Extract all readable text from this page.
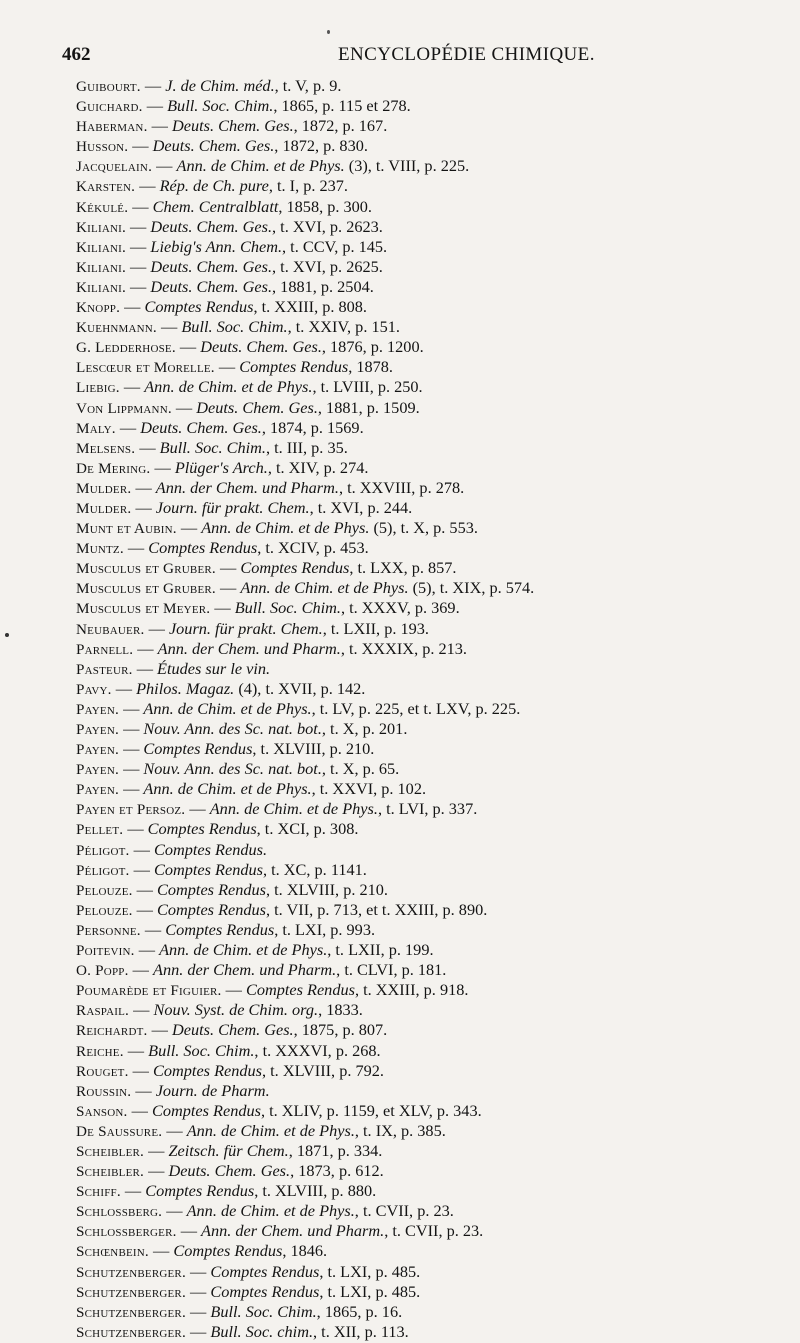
462	ENCYCLOPÉDIE CHIMIQUE.
Guibourt. — J. de Chim. méd., t. V, p. 9.
Guichard. — Bull. Soc. Chim., 1865, p. 115 et 278.
Haberman. — Deuts. Chem. Ges., 1872, p. 167.
Husson. — Deuts. Chem. Ges., 1872, p. 830.
Jacquelain. — Ann. de Chim. et de Phys. (3), t. VIII, p. 225.
Karsten. — Rép. de Ch. pure, t. I, p. 237.
Kékulé. — Chem. Centralblatt, 1858, p. 300.
Kiliani. — Deuts. Chem. Ges., t. XVI, p. 2623.
Kiliani. — Liebig's Ann. Chem., t. CCV, p. 145.
Kiliani. — Deuts. Chem. Ges., t. XVI, p. 2625.
Kiliani. — Deuts. Chem. Ges., 1881, p. 2504.
Knopp. — Comptes Rendus, t. XXIII, p. 808.
Kuehnmann. — Bull. Soc. Chim., t. XXIV, p. 151.
G. Ledderhose. — Deuts. Chem. Ges., 1876, p. 1200.
Lescœur et Morelle. — Comptes Rendus, 1878.
Liebig. — Ann. de Chim. et de Phys., t. LVIII, p. 250.
Von Lippmann. — Deuts. Chem. Ges., 1881, p. 1509.
Maly. — Deuts. Chem. Ges., 1874, p. 1569.
Melsens. — Bull. Soc. Chim., t. III, p. 35.
De Mering. — Plüger's Arch., t. XIV, p. 274.
Mulder. — Ann. der Chem. und Pharm., t. XXVIII, p. 278.
Mulder. — Journ. für prakt. Chem., t. XVI, p. 244.
Munt et Aubin. — Ann. de Chim. et de Phys. (5), t. X, p. 553.
Muntz. — Comptes Rendus, t. XCIV, p. 453.
Musculus et Gruber. — Comptes Rendus, t. LXX, p. 857.
Musculus et Gruber. — Ann. de Chim. et de Phys. (5), t. XIX, p. 574.
Musculus et Meyer. — Bull. Soc. Chim., t. XXXV, p. 369.
Neubauer. — Journ. für prakt. Chem., t. LXII, p. 193.
Parnell. — Ann. der Chem. und Pharm., t. XXXIX, p. 213.
Pasteur. — Études sur le vin.
Pavy. — Philos. Magaz. (4), t. XVII, p. 142.
Payen. — Ann. de Chim. et de Phys., t. LV, p. 225, et t. LXV, p. 225.
Payen. — Nouv. Ann. des Sc. nat. bot., t. X, p. 201.
Payen. — Comptes Rendus, t. XLVIII, p. 210.
Payen. — Nouv. Ann. des Sc. nat. bot., t. X, p. 65.
Payen. — Ann. de Chim. et de Phys., t. XXVI, p. 102.
Payen et Persoz. — Ann. de Chim. et de Phys., t. LVI, p. 337.
Pellet. — Comptes Rendus, t. XCI, p. 308.
Péligot. — Comptes Rendus.
Péligot. — Comptes Rendus, t. XC, p. 1141.
Pelouze. — Comptes Rendus, t. XLVIII, p. 210.
Pelouze. — Comptes Rendus, t. VII, p. 713, et t. XXIII, p. 890.
Personne. — Comptes Rendus, t. LXI, p. 993.
Poitevin. — Ann. de Chim. et de Phys., t. LXII, p. 199.
O. Popp. — Ann. der Chem. und Pharm., t. CLVI, p. 181.
Poumarède et Figuier. — Comptes Rendus, t. XXIII, p. 918.
Raspail. — Nouv. Syst. de Chim. org., 1833.
Reichardt. — Deuts. Chem. Ges., 1875, p. 807.
Reiche. — Bull. Soc. Chim., t. XXXVI, p. 268.
Rouget. — Comptes Rendus, t. XLVIII, p. 792.
Roussin. — Journ. de Pharm.
Sanson. — Comptes Rendus, t. XLIV, p. 1159, et XLV, p. 343.
De Saussure. — Ann. de Chim. et de Phys., t. IX, p. 385.
Scheibler. — Zeitsch. für Chem., 1871, p. 334.
Scheibler. — Deuts. Chem. Ges., 1873, p. 612.
Schiff. — Comptes Rendus, t. XLVIII, p. 880.
Schlossberg. — Ann. de Chim. et de Phys., t. CVII, p. 23.
Schlossberger. — Ann. der Chem. und Pharm., t. CVII, p. 23.
Schœnbein. — Comptes Rendus, 1846.
Schutzenberger. — Comptes Rendus, t. LXI, p. 485.
Schutzenberger. — Comptes Rendus, t. LXI, p. 485.
Schutzenberger. — Bull. Soc. Chim., 1865, p. 16.
Schutzenberger. — Bull. Soc. chim., t. XII, p. 113.
